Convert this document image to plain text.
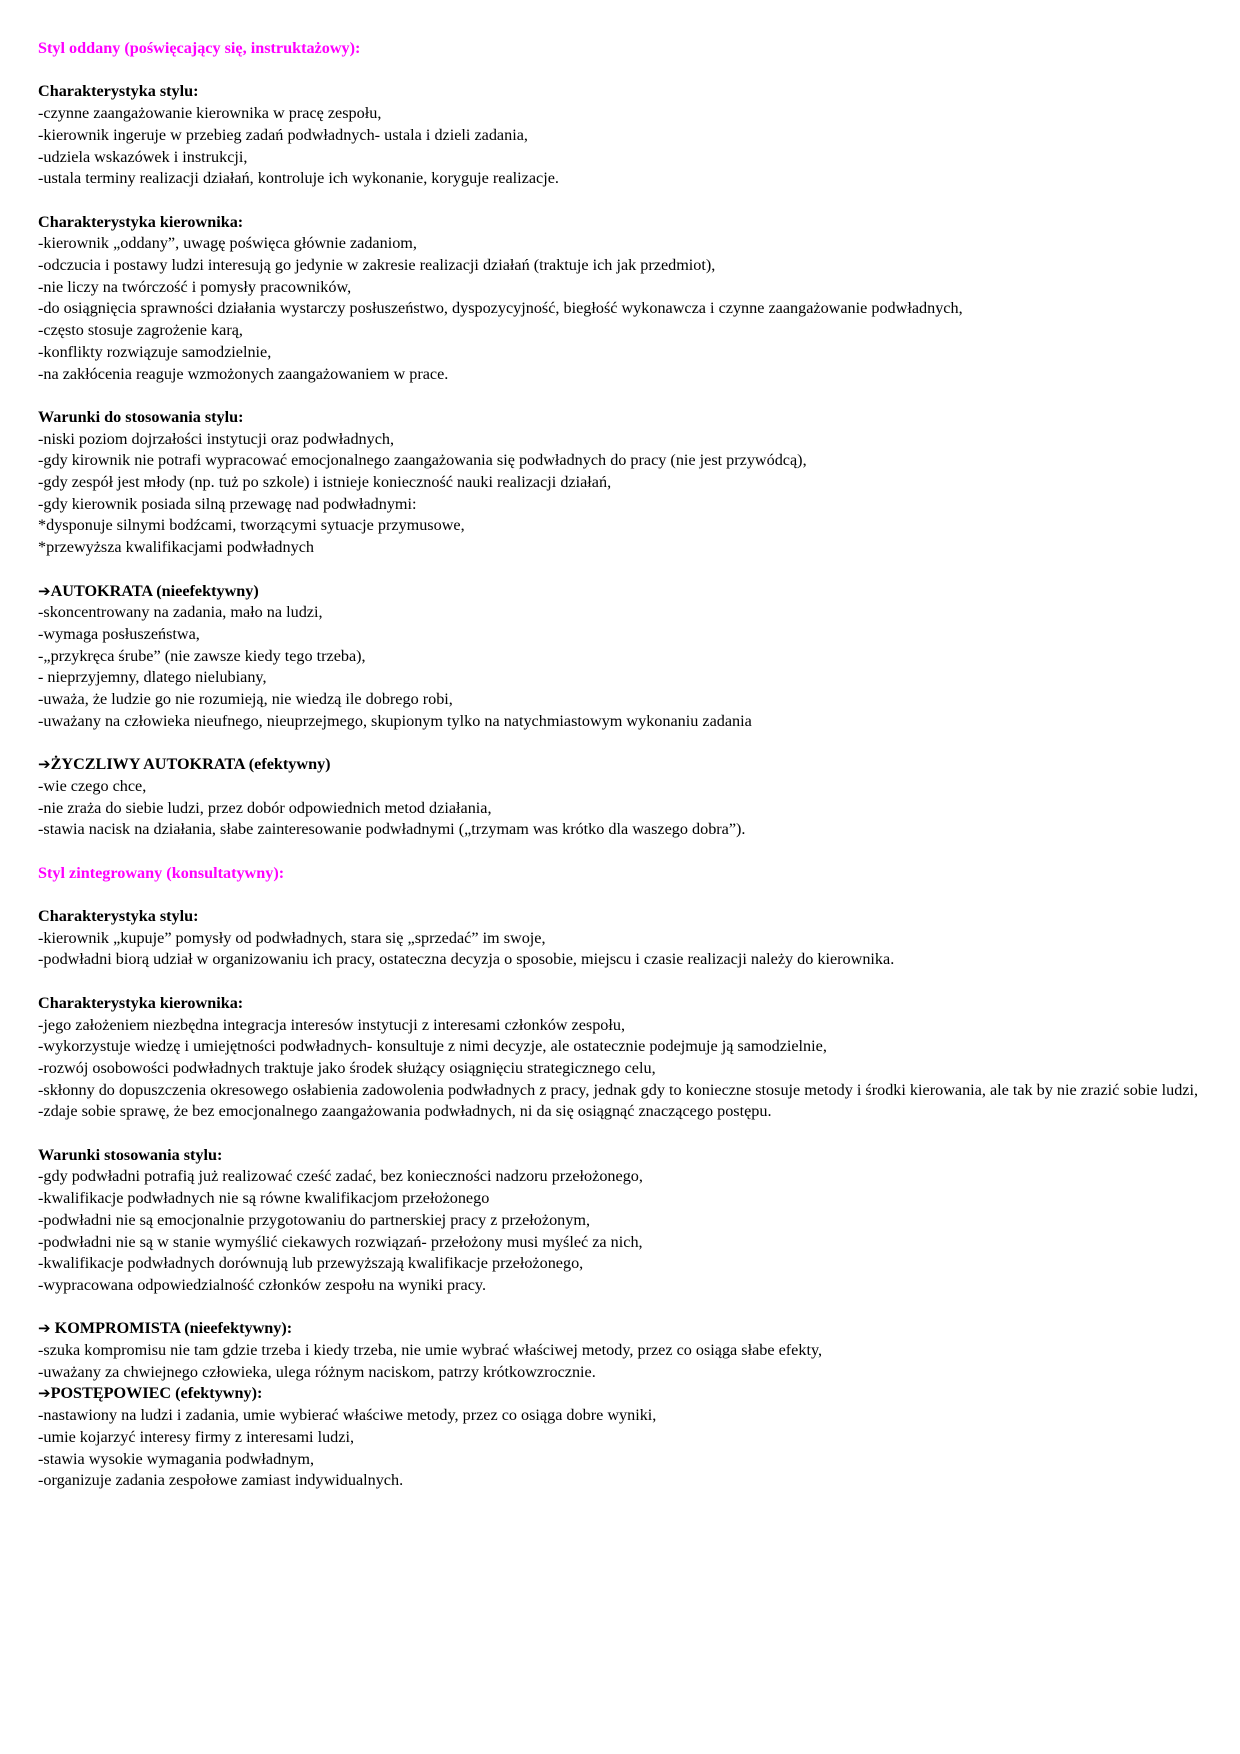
Styl oddany (poświęcający się, instruktażowy):
Charakterystyka stylu:
-czynne zaangażowanie kierownika w pracę zespołu,
-kierownik ingeruje w przebieg zadań podwładnych- ustala i dzieli zadania,
-udziela wskazówek i instrukcji,
-ustala terminy realizacji działań, kontroluje ich wykonanie, koryguje realizacje.
Charakterystyka kierownika:
-kierownik „oddany”, uwagę poświęca głównie zadaniom,
-odczucia i postawy ludzi interesują go jedynie w zakresie realizacji działań (traktuje ich jak przedmiot),
-nie liczy na twórczość i pomysły pracowników,
-do osiągnięcia sprawności działania wystarczy posłuszeństwo, dyspozycyjność, biegłość wykonawcza i czynne zaangażowanie podwładnych,
-często stosuje zagrożenie karą,
-konflikty rozwiązuje samodzielnie,
-na zakłócenia reaguje wzmożonych zaangażowaniem w prace.
Warunki do stosowania stylu:
-niski poziom dojrzałości instytucji oraz podwładnych,
-gdy kirownik nie potrafi wypracować emocjonalnego zaangażowania się podwładnych do pracy (nie jest przywódcą),
-gdy zespół jest młody (np. tuż po szkole) i istnieje konieczność nauki realizacji działań,
-gdy kierownik posiada silną przewagę nad podwładnymi:
*dysponuje silnymi bodźcami, tworzącymi sytuacje przymusowe,
*przewyższa kwalifikacjami podwładnych
➔AUTOKRATA (nieefektywny)
-skoncentrowany na zadania, mało na ludzi,
-wymaga posłuszeństwa,
-„przykręca śrube” (nie zawsze kiedy tego trzeba),
- nieprzyjemny, dlatego nielubiany,
-uważa, że ludzie go nie rozumieją, nie wiedzą ile dobrego robi,
-uważany na człowieka nieufnego, nieuprzejmego, skupionym tylko na natychmiastowym wykonaniu zadania
➔ŻYCZLIWY AUTOKRATA (efektywny)
-wie czego chce,
-nie zraża do siebie ludzi, przez dobór odpowiednich metod działania,
-stawia nacisk na działania, słabe zainteresowanie podwładnymi („trzymam was krótko dla waszego dobra”).
Styl zintegrowany (konsultatywny):
Charakterystyka stylu:
-kierownik „kupuje” pomysły od podwładnych, stara się „sprzedać” im swoje,
-podwładni biorą udział w organizowaniu ich pracy, ostateczna decyzja o sposobie, miejscu i czasie realizacji należy do kierownika.
Charakterystyka kierownika:
-jego założeniem niezbędna integracja interesów instytucji z interesami członków zespołu,
-wykorzystuje wiedzę i umiejętności podwładnych- konsultuje z nimi decyzje, ale ostatecznie podejmuje ją samodzielnie,
-rozwój osobowości podwładnych traktuje jako środek służący osiągnięciu strategicznego celu,
-skłonny do dopuszczenia okresowego osłabienia zadowolenia podwładnych z pracy, jednak gdy to konieczne stosuje metody i środki kierowania, ale tak by nie zrazić sobie ludzi,
-zdaje sobie sprawę, że bez emocjonalnego zaangażowania podwładnych, ni da się osiągnąć znaczącego postępu.
Warunki stosowania stylu:
-gdy podwładni potrafią już realizować cześć zadać, bez konieczności nadzoru przełożonego,
-kwalifikacje podwładnych nie są równe kwalifikacjom przełożonego
-podwładni nie są emocjonalnie przygotowaniu do partnerskiej pracy z przełożonym,
-podwładni nie są w stanie wymyślić ciekawych rozwiązań- przełożony musi myśleć za nich,
-kwalifikacje podwładnych dorównują lub przewyższają kwalifikacje przełożonego,
-wypracowana odpowiedzialność członków zespołu na wyniki pracy.
➔ KOMPROMISTA (nieefektywny):
-szuka kompromisu nie tam gdzie trzeba i kiedy trzeba, nie umie wybrać właściwej metody, przez co osiąga słabe efekty,
-uważany za chwiejnego człowieka, ulega różnym naciskom, patrzy krótkowzrocznie.
➔POSTĘPOWIEC (efektywny):
-nastawiony na ludzi i zadania, umie wybierać właściwe metody, przez co osiąga dobre wyniki,
-umie kojarzyć interesy firmy z interesami ludzi,
-stawia wysokie wymagania podwładnym,
-organizuje zadania zespołowe zamiast indywidualnych.
